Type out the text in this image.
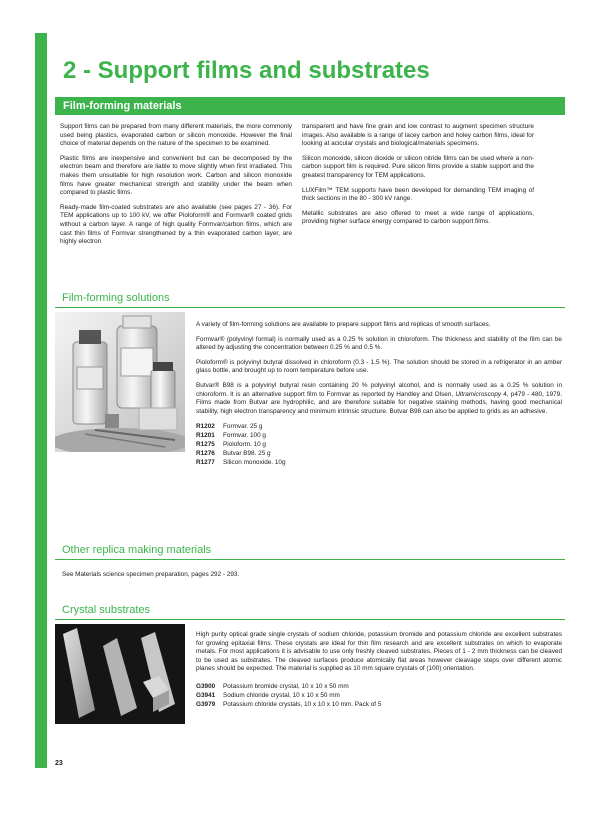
2 - Support films and substrates
Film-forming materials

Support films can be prepared from many different materials, the more commonly used being plastics, evaporated carbon or silicon monoxide. However the final choice of material depends on the nature of the specimen to be examined.

Plastic films are inexpensive and convenient but can be decomposed by the electron beam and therefore are liable to move slightly when first irradiated. This makes them unsuitable for high resolution work. Carbon and silicon monoxide films have greater mechanical strength and stability under the beam when compared to plastic films.

Ready-made film-coated substrates are also available (see pages 27 - 36). For TEM applications up to 100 kV, we offer Pioloform® and Formvar® coated grids without a carbon layer. A range of high quality Formvar/carbon films, which are cast thin films of Formvar strengthened by a thin evaporated carbon layer, are highly electron

transparent and have fine grain and low contrast to augment specimen structure images. Also available is a range of lacey carbon and holey carbon films, ideal for looking at acicular crystals and biological/materials specimens.

Silicon monoxide, silicon dioxide or silicon nitride films can be used where a non-carbon support film is required. Pure silicon films provide a stable support and the greatest transparency for TEM applications.

LUXFilm™ TEM supports have been developed for demanding TEM imaging of thick sections in the 80 - 300 kV range.

Metallic substrates are also offered to meet a wide range of applications, providing higher surface energy compared to carbon support films.

Film-forming solutions

A variety of film-forming solutions are available to prepare support films and replicas of smooth surfaces.

Formvar® (polyvinyl formal) is normally used as a 0.25 % solution in chloroform. The thickness and stability of the film can be altered by adjusting the concentration between 0.25 % and 0.5 %.

Pioloform® is polyvinyl butyral dissolved in chloroform (0.3 - 1.5 %). The solution should be stored in a refrigerator in an amber glass bottle, and brought up to room temperature before use.

Butvar® B98 is a polyvinyl butyral resin containing 20 % polyvinyl alcohol, and is normally used as a 0.25 % solution in chloroform. It is an alternative support film to Formvar as reported by Handley and Olsen, Ultramicroscopy 4, p479 - 480, 1979. Films made from Butvar are hydrophilic, and are therefore suitable for negative staining methods, having good mechanical stability, high electron transparency and minimum intrinsic structure. Butvar B98 can also be applied to grids as an adhesive.

R1202	Formvar. 25 g
R1201	Formvar. 100 g
R1275	Pioloform. 10 g
R1276	Butvar B98. 25 g
R1277	Silicon monoxide. 10g
Other replica making materials
See Materials science specimen preparation, pages 292 - 293.
Crystal substrates

High purity optical grade single crystals of sodium chloride, potassium bromide and potassium chloride are excellent substrates for growing epitaxial films. These crystals are ideal for thin film research and are excellent substrates on which to evaporate metals. For most applications it is advisable to use only freshly cleaved substrates. Pieces of 1 - 2 mm thickness can be cleaved to be used as substrates. The cleaved surfaces produce atomically flat areas however cleavage steps over different atomic planes should be expected. The material is supplied as 10 mm square crystals of (100) orientation.

G3900	Potassium bromide crystal, 10 x 10 x 50 mm
G3941	Sodium chloride crystal, 10 x 10 x 50 mm
G3979	Potassium chloride crystals, 10 x 10 x 10 mm. Pack of 5
23
